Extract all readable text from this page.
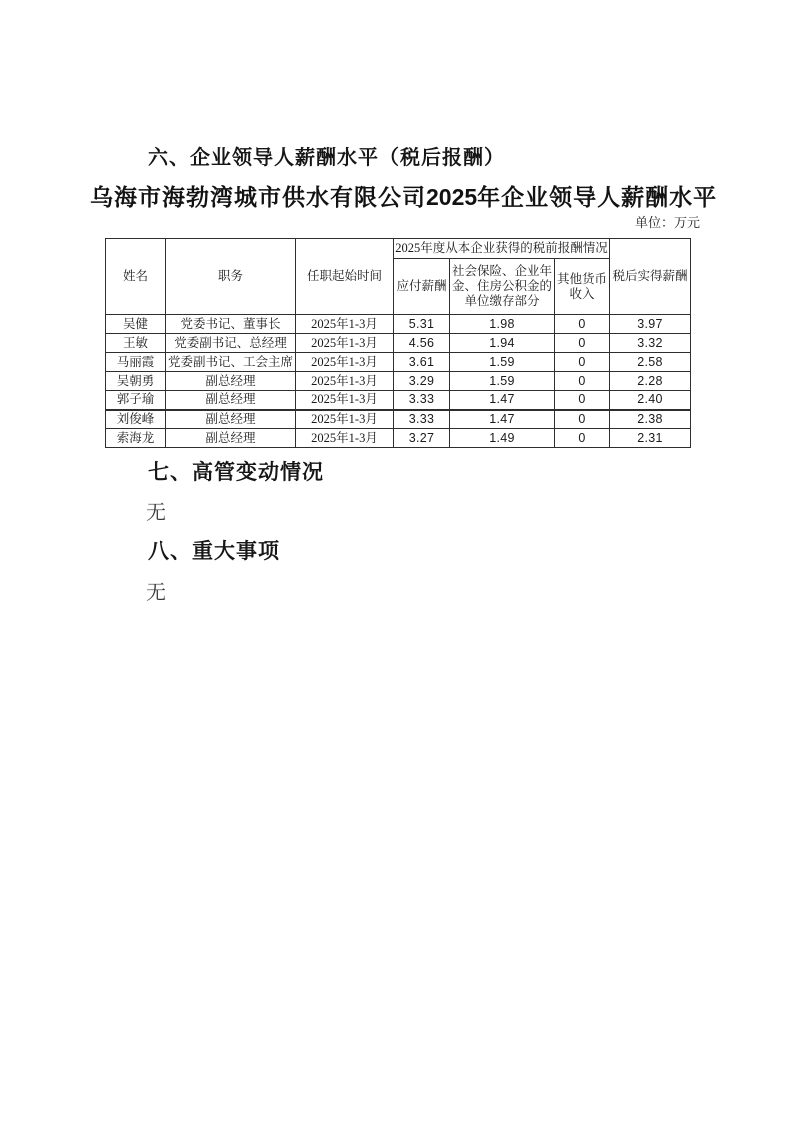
六、企业领导人薪酬水平（税后报酬）
乌海市海勃湾城市供水有限公司2025年企业领导人薪酬水平
单位：万元
姓名	职务	任职起始时间	2025年度从本企业获得的税前报酬情况			税后实得薪酬
			应付薪酬	社会保险、企业年金、住房公积金的单位缴存部分	其他货币收入	
吴健	党委书记、董事长	2025年1-3月	5.31	1.98	0	3.97
王敏	党委副书记、总经理	2025年1-3月	4.56	1.94	0	3.32
马丽霞	党委副书记、工会主席	2025年1-3月	3.61	1.59	0	2.58
吴朝勇	副总经理	2025年1-3月	3.29	1.59	0	2.28
郭子瑜	副总经理	2025年1-3月	3.33	1.47	0	2.40
刘俊峰	副总经理	2025年1-3月	3.33	1.47	0	2.38
索海龙	副总经理	2025年1-3月	3.27	1.49	0	2.31
七、高管变动情况

无

八、重大事项

无
